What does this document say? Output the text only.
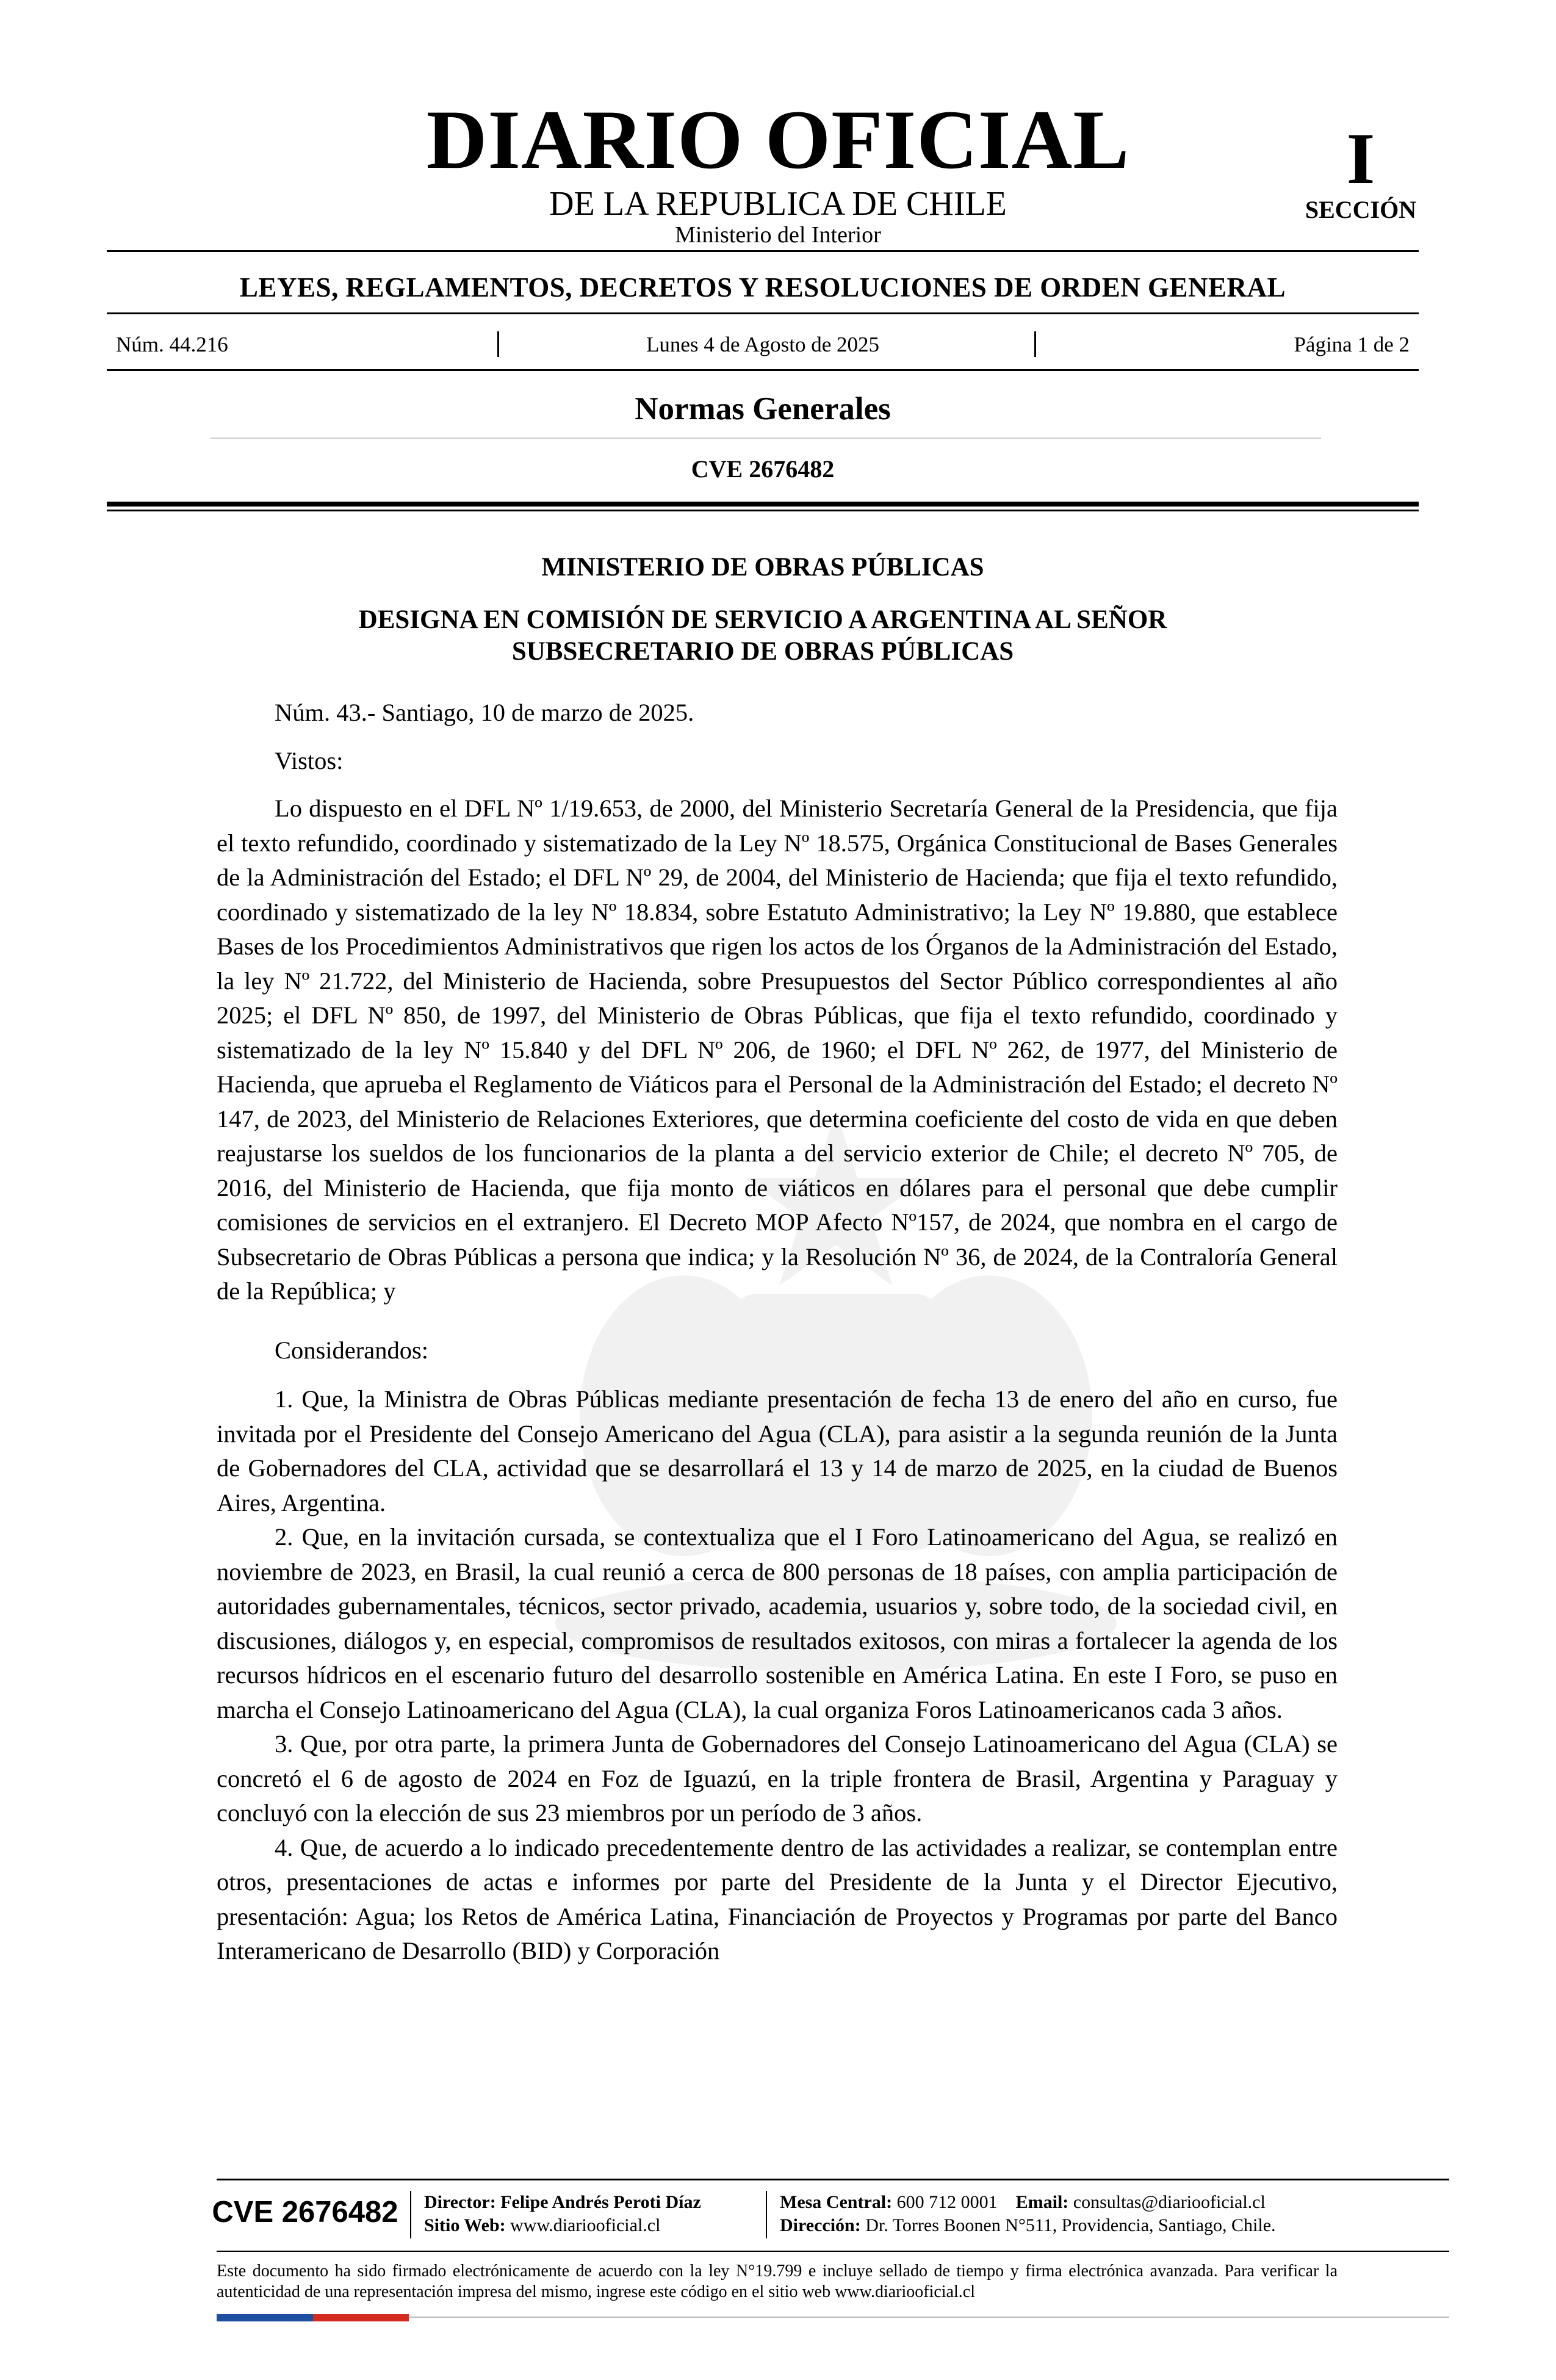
DIARIO OFICIAL
DE LA REPUBLICA DE CHILE
Ministerio del Interior
I
SECCIÓN
LEYES, REGLAMENTOS, DECRETOS Y RESOLUCIONES DE ORDEN GENERAL
Núm. 44.216	Lunes 4 de Agosto de 2025	Página 1 de 2
Normas Generales
CVE 2676482
MINISTERIO DE OBRAS PÚBLICAS
DESIGNA EN COMISIÓN DE SERVICIO A ARGENTINA AL SEÑOR
SUBSECRETARIO DE OBRAS PÚBLICAS

Núm. 43.- Santiago, 10 de marzo de 2025.

Vistos:

Lo dispuesto en el DFL Nº 1/19.653, de 2000, del Ministerio Secretaría General de la Presidencia, que fija el texto refundido, coordinado y sistematizado de la Ley Nº 18.575, Orgánica Constitucional de Bases Generales de la Administración del Estado; el DFL Nº 29, de 2004, del Ministerio de Hacienda; que fija el texto refundido, coordinado y sistematizado de la ley Nº 18.834, sobre Estatuto Administrativo; la Ley Nº 19.880, que establece Bases de los Procedimientos Administrativos que rigen los actos de los Órganos de la Administración del Estado, la ley Nº 21.722, del Ministerio de Hacienda, sobre Presupuestos del Sector Público correspondientes al año 2025; el DFL Nº 850, de 1997, del Ministerio de Obras Públicas, que fija el texto refundido, coordinado y sistematizado de la ley Nº 15.840 y del DFL Nº 206, de 1960; el DFL Nº 262, de 1977, del Ministerio de Hacienda, que aprueba el Reglamento de Viáticos para el Personal de la Administración del Estado; el decreto Nº 147, de 2023, del Ministerio de Relaciones Exteriores, que determina coeficiente del costo de vida en que deben reajustarse los sueldos de los funcionarios de la planta a del servicio exterior de Chile; el decreto Nº 705, de 2016, del Ministerio de Hacienda, que fija monto de viáticos en dólares para el personal que debe cumplir comisiones de servicios en el extranjero. El Decreto MOP Afecto Nº157, de 2024, que nombra en el cargo de Subsecretario de Obras Públicas a persona que indica; y la Resolución Nº 36, de 2024, de la Contraloría General de la República; y

Considerandos:

1. Que, la Ministra de Obras Públicas mediante presentación de fecha 13 de enero del año en curso, fue invitada por el Presidente del Consejo Americano del Agua (CLA), para asistir a la segunda reunión de la Junta de Gobernadores del CLA, actividad que se desarrollará el 13 y 14 de marzo de 2025, en la ciudad de Buenos Aires, Argentina.

2. Que, en la invitación cursada, se contextualiza que el I Foro Latinoamericano del Agua, se realizó en noviembre de 2023, en Brasil, la cual reunió a cerca de 800 personas de 18 países, con amplia participación de autoridades gubernamentales, técnicos, sector privado, academia, usuarios y, sobre todo, de la sociedad civil, en discusiones, diálogos y, en especial, compromisos de resultados exitosos, con miras a fortalecer la agenda de los recursos hídricos en el escenario futuro del desarrollo sostenible en América Latina. En este I Foro, se puso en marcha el Consejo Latinoamericano del Agua (CLA), la cual organiza Foros Latinoamericanos cada 3 años.

3. Que, por otra parte, la primera Junta de Gobernadores del Consejo Latinoamericano del Agua (CLA) se concretó el 6 de agosto de 2024 en Foz de Iguazú, en la triple frontera de Brasil, Argentina y Paraguay y concluyó con la elección de sus 23 miembros por un período de 3 años.

4. Que, de acuerdo a lo indicado precedentemente dentro de las actividades a realizar, se contemplan entre otros, presentaciones de actas e informes por parte del Presidente de la Junta y el Director Ejecutivo, presentación: Agua; los Retos de América Latina, Financiación de Proyectos y Programas por parte del Banco Interamericano de Desarrollo (BID) y Corporación

CVE 2676482 Director: Felipe Andrés Peroti Díaz
Sitio Web: www.diariooficial.cl
Mesa Central: 600 712 0001 Email: consultas@diariooficial.cl
Dirección: Dr. Torres Boonen N°511, Providencia, Santiago, Chile.
Este documento ha sido firmado electrónicamente de acuerdo con la ley N°19.799 e incluye sellado de tiempo y firma electrónica avanzada. Para verificar la autenticidad de una representación impresa del mismo, ingrese este código en el sitio web www.diariooficial.cl
